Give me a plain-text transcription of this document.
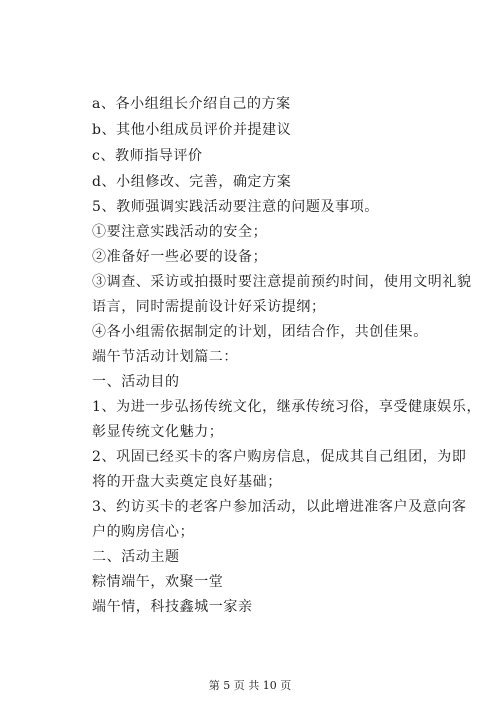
a、各小组组长介绍自己的方案
b、其他小组成员评价并提建议
c、教师指导评价
d、小组修改、完善，确定方案
5、教师强调实践活动要注意的问题及事项。
①要注意实践活动的安全；
②准备好一些必要的设备；
③调查、采访或拍摄时要注意提前预约时间，使用文明礼貌
语言，同时需提前设计好采访提纲；
④各小组需依据制定的计划，团结合作，共创佳果。
端午节活动计划篇二：
一、活动目的
1、为进一步弘扬传统文化，继承传统习俗，享受健康娱乐，
彰显传统文化魅力；
2、巩固已经买卡的客户购房信息，促成其自己组团，为即
将的开盘大卖奠定良好基础；
3、约访买卡的老客户参加活动，以此增进准客户及意向客
户的购房信心；
二、活动主题
粽情端午，欢聚一堂
端午情，科技鑫城一家亲
第 5 页 共 10 页
